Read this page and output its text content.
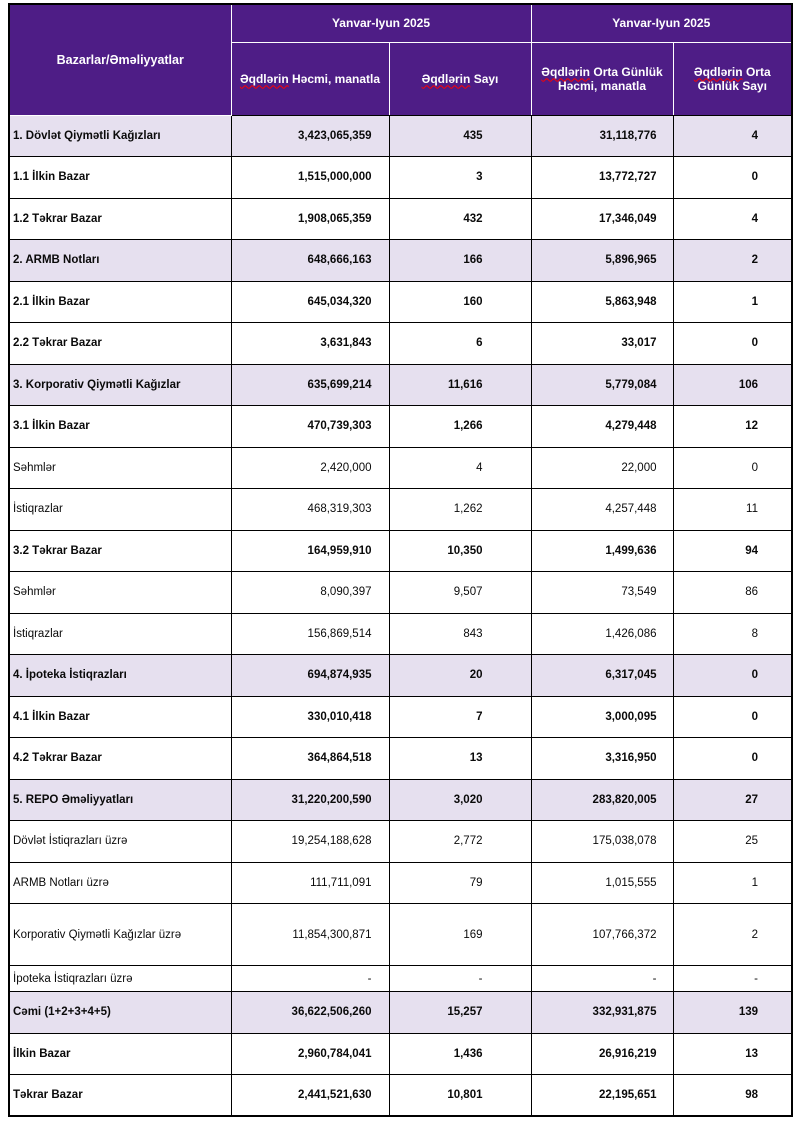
Bazarlar/Əməliyyatlar	Yanvar-Iyun 2025		Yanvar-Iyun 2025	
	Əqdlərin Həcmi, manatla	Əqdlərin Sayı	Əqdlərin Orta Günlük Həcmi, manatla	Əqdlərin Orta Günlük Sayı
1. Dövlət Qiymətli Kağızları	3,423,065,359	435	31,118,776	4
1.1 İlkin Bazar	1,515,000,000	3	13,772,727	0
1.2 Təkrar Bazar	1,908,065,359	432	17,346,049	4
2. ARMB Notları	648,666,163	166	5,896,965	2
2.1 İlkin Bazar	645,034,320	160	5,863,948	1
2.2 Təkrar Bazar	3,631,843	6	33,017	0
3. Korporativ Qiymətli Kağızlar	635,699,214	11,616	5,779,084	106
3.1 İlkin Bazar	470,739,303	1,266	4,279,448	12
Səhmlər	2,420,000	4	22,000	0
İstiqrazlar	468,319,303	1,262	4,257,448	11
3.2 Təkrar Bazar	164,959,910	10,350	1,499,636	94
Səhmlər	8,090,397	9,507	73,549	86
İstiqrazlar	156,869,514	843	1,426,086	8
4. İpoteka İstiqrazları	694,874,935	20	6,317,045	0
4.1 İlkin Bazar	330,010,418	7	3,000,095	0
4.2 Təkrar Bazar	364,864,518	13	3,316,950	0
5. REPO Əməliyyatları	31,220,200,590	3,020	283,820,005	27
Dövlət İstiqrazları üzrə	19,254,188,628	2,772	175,038,078	25
ARMB Notları üzrə	111,711,091	79	1,015,555	1
Korporativ Qiymətli Kağızlar üzrə	11,854,300,871	169	107,766,372	2
İpoteka İstiqrazları üzrə	-	-	-	-
Cəmi (1+2+3+4+5)	36,622,506,260	15,257	332,931,875	139
İlkin Bazar	2,960,784,041	1,436	26,916,219	13
Təkrar Bazar	2,441,521,630	10,801	22,195,651	98
